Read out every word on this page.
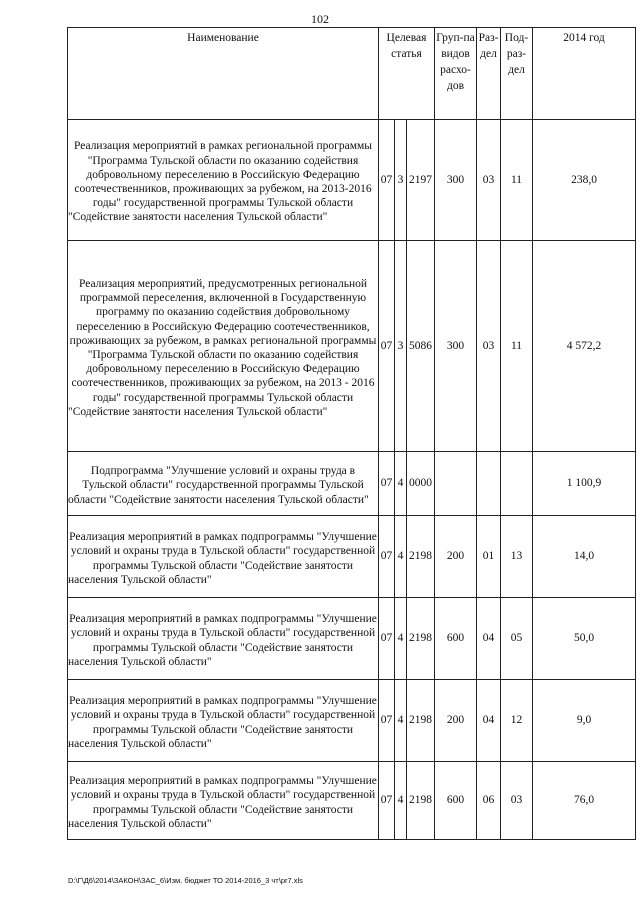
102
Наименование	Целевая статья			Груп-па видов расхо-дов	Раз-дел	Под-раз-дел	2014 год

Реализация мероприятий в рамках региональной программы "Программа Тульской области по оказанию содействия добровольному переселению в Российскую Федерацию соотечественников, проживающих за рубежом, на 2013-2016 годы" государственной программы Тульской области "Содействие занятости населения Тульской области"	07	3	2197	300	03	11	238,0

Реализация мероприятий, предусмотренных региональной программой переселения, включенной в Государственную программу по оказанию содействия добровольному переселению в Российскую Федерацию соотечественников, проживающих за рубежом, в рамках региональной программы "Программа Тульской области по оказанию содействия добровольному переселению в Российскую Федерацию соотечественников, проживающих за рубежом, на 2013 - 2016 годы" государственной программы Тульской области "Содействие занятости населения Тульской области"	07	3	5086	300	03	11	4 572,2

Подпрограмма "Улучшение условий и охраны труда в Тульской области" государственной программы Тульской области "Содействие занятости населения Тульской области"	07	4	0000				1 100,9

Реализация мероприятий в рамках подпрограммы "Улучшение условий и охраны труда в Тульской области" государственной программы Тульской области "Содействие занятости населения Тульской области"	07	4	2198	200	01	13	14,0

Реализация мероприятий в рамках подпрограммы "Улучшение условий и охраны труда в Тульской области" государственной программы Тульской области "Содействие занятости населения Тульской области"	07	4	2198	600	04	05	50,0

Реализация мероприятий в рамках подпрограммы "Улучшение условий и охраны труда в Тульской области" государственной программы Тульской области "Содействие занятости населения Тульской области"	07	4	2198	200	04	12	9,0

Реализация мероприятий в рамках подпрограммы "Улучшение условий и охраны труда в Тульской области" государственной программы Тульской области "Содействие занятости населения Тульской области"	07	4	2198	600	06	03	76,0
D:\Г\Д6\2014\ЗАКОН\ЗАС_6\Изм. бюджет ТО 2014-2016_3 чт\pr7.xls
